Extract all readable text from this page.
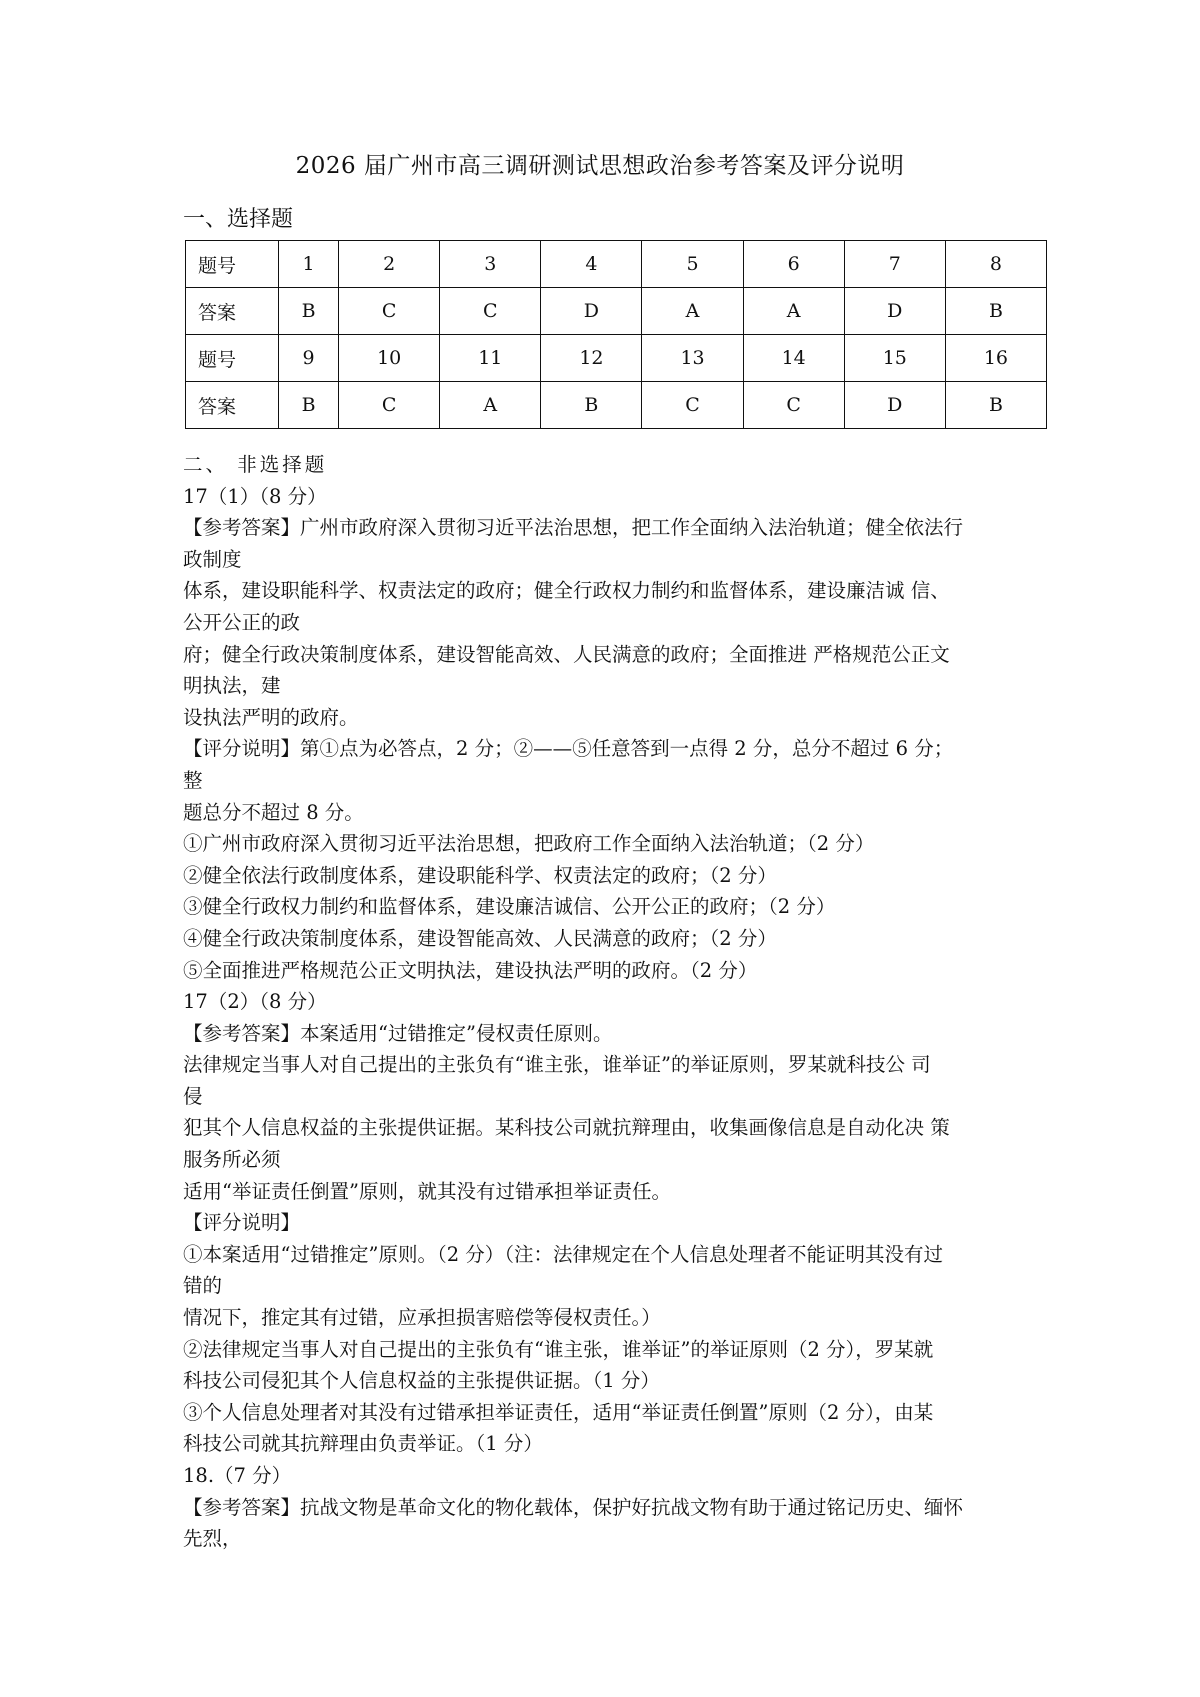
2026 届广州市高三调研测试思想政治参考答案及评分说明
一、选择题
题号	1	2	3	4	5	6	7	8
答案	B	C	C	D	A	A	D	B
题号	9	10	11	12	13	14	15	16
答案	B	C	A	B	C	C	D	B
二、 非选择题
17（1）（8 分）
【参考答案】广州市政府深入贯彻习近平法治思想，把工作全面纳入法治轨道；健全依法行
政制度
体系，建设职能科学、权责法定的政府；健全行政权力制约和监督体系，建设廉洁诚 信、
公开公正的政
府；健全行政决策制度体系，建设智能高效、人民满意的政府；全面推进 严格规范公正文
明执法，建
设执法严明的政府。
【评分说明】第①点为必答点，2 分；②——⑤任意答到一点得 2 分，总分不超过 6 分；
整
题总分不超过 8 分。
①广州市政府深入贯彻习近平法治思想，把政府工作全面纳入法治轨道；（2 分）
②健全依法行政制度体系，建设职能科学、权责法定的政府；（2 分）
③健全行政权力制约和监督体系，建设廉洁诚信、公开公正的政府；（2 分）
④健全行政决策制度体系，建设智能高效、人民满意的政府；（2 分）
⑤全面推进严格规范公正文明执法，建设执法严明的政府。（2 分）
17（2）（8 分）
【参考答案】本案适用“过错推定”侵权责任原则。
法律规定当事人对自己提出的主张负有“谁主张，谁举证”的举证原则，罗某就科技公 司
侵
犯其个人信息权益的主张提供证据。某科技公司就抗辩理由，收集画像信息是自动化决 策
服务所必须
适用“举证责任倒置”原则，就其没有过错承担举证责任。
【评分说明】
①本案适用“过错推定”原则。（2 分）（注：法律规定在个人信息处理者不能证明其没有过
错的
情况下，推定其有过错，应承担损害赔偿等侵权责任。）
②法律规定当事人对自己提出的主张负有“谁主张，谁举证”的举证原则（2 分），罗某就
科技公司侵犯其个人信息权益的主张提供证据。（1 分）
③个人信息处理者对其没有过错承担举证责任，适用“举证责任倒置”原则（2 分），由某
科技公司就其抗辩理由负责举证。（1 分）
18.（7 分）
【参考答案】抗战文物是革命文化的物化载体，保护好抗战文物有助于通过铭记历史、缅怀
先烈，
